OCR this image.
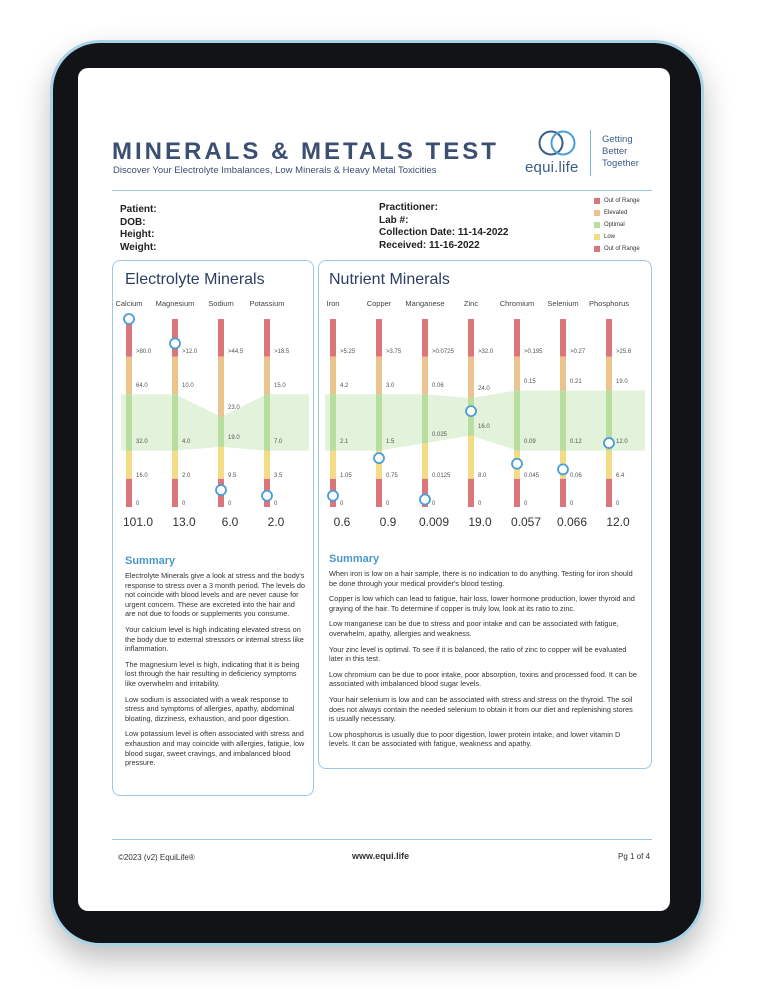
MINERALS & METALS TEST
Discover Your Electrolyte Imbalances, Low Minerals & Heavy Metal Toxicities	equi.life
Getting
Better
Together
Patient:
DOB:
Height:
Weight:
Practitioner:
Lab #:
Collection Date: 11-14-2022
Received: 11-16-2022
Out of Range
Elevated
Optimal
Low
Out of Range
Electrolyte Minerals
Calcium
>80.0
64.0
32.0
16.0
0
101.0
Magnesium
>12.0
10.0
4.0
2.0
0
13.0
Sodium
>44.5
23.0
19.0
9.5
0
6.0
Potassium
>18.5
15.0
7.0
3.5
0
2.0
Summary

Electrolyte Minerals give a look at stress and the body's response to stress over a 3 month period. The levels do not coincide with blood levels and are never cause for urgent concern. These are excreted into the hair and are not due to foods or supplements you consume.

Your calcium level is high indicating elevated stress on the body due to external stressors or internal stress like inflammation.

The magnesium level is high, indicating that it is being lost through the hair resulting in deficiency symptoms like overwhelm and irritability.

Low sodium is associated with a weak response to stress and symptoms of allergies, apathy, abdominal bloating, dizziness, exhaustion, and poor digestion.

Low potassium level is often associated with stress and exhaustion and may coincide with allergies, fatigue, low blood sugar, sweet cravings, and imbalanced blood pressure.

Nutrient Minerals
Iron
>5.25
4.2
2.1
1.05
0
0.6
Copper
>3.75
3.0
1.5
0.75
0
0.9
Manganese
>0.0725
0.06
0.025
0.0125
0
0.009
Zinc
>32.0
24.0
16.0
8.0
0
19.0
Chromium
>0.195
0.15
0.09
0.045
0
0.057
Selenium
>0.27
0.21
0.12
0.06
0
0.066
Phosphorus
>25.6
19.0
12.0
6.4
0
12.0
Summary

When iron is low on a hair sample, there is no indication to do anything. Testing for iron should be done through your medical provider's blood testing.

Copper is low which can lead to fatigue, hair loss, lower hormone production, lower thyroid and graying of the hair. To determine if copper is truly low, look at its ratio to zinc.

Low manganese can be due to stress and poor intake and can be associated with fatigue, overwhelm, apathy, allergies and weakness.

Your zinc level is optimal. To see if it is balanced, the ratio of zinc to copper will be evaluated later in this test.

Low chromium can be due to poor intake, poor absorption, toxins and processed food. It can be associated with imbalanced blood sugar levels.

Your hair selenium is low and can be associated with stress and stress on the thyroid. The soil does not always contain the needed selenium to obtain it from our diet and replenishing stores is usually necessary.

Low phosphorus is usually due to poor digestion, lower protein intake, and lower vitamin D levels. It can be associated with fatigue, weakness and apathy.

©2023 (v2) EquiLife®	www.equi.life	Pg 1 of 4
